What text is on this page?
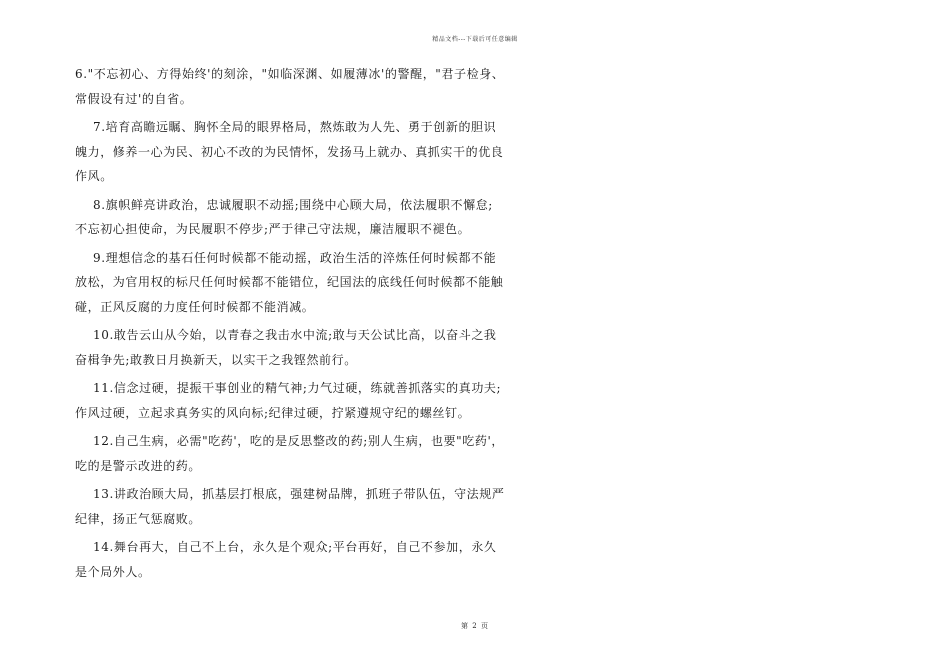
精品文档---下载后可任意编辑
6."不忘初心、方得始终'的刻涂，"如临深渊、如履薄冰'的警醒，"君子检身、
常假设有过'的自省。
7.培育高瞻远瞩、胸怀全局的眼界格局，熬炼敢为人先、勇于创新的胆识
魄力，修养一心为民、初心不改的为民情怀，发扬马上就办、真抓实干的优良
作风。
8.旗帜鲜亮讲政治，忠诚履职不动摇;围绕中心顾大局，依法履职不懈怠;
不忘初心担使命，为民履职不停步;严于律己守法规，廉洁履职不褪色。
9.理想信念的基石任何时候都不能动摇，政治生活的淬炼任何时候都不能
放松，为官用权的标尺任何时候都不能错位，纪国法的底线任何时候都不能触
碰，正风反腐的力度任何时候都不能消减。
10.敢告云山从今始，以青春之我击水中流;敢与天公试比高，以奋斗之我
奋楫争先;敢教日月换新天，以实干之我铿然前行。
11.信念过硬，提振干事创业的精气神;力气过硬，练就善抓落实的真功夫;
作风过硬，立起求真务实的风向标;纪律过硬，拧紧遵规守纪的螺丝钉。
12.自己生病，必需"吃药'，吃的是反思整改的药;别人生病，也要"吃药'，
吃的是警示改进的药。
13.讲政治顾大局，抓基层打根底，强建树品牌，抓班子带队伍，守法规严
纪律，扬正气惩腐败。
14.舞台再大，自己不上台，永久是个观众;平台再好，自己不参加，永久
是个局外人。
第 2 页
